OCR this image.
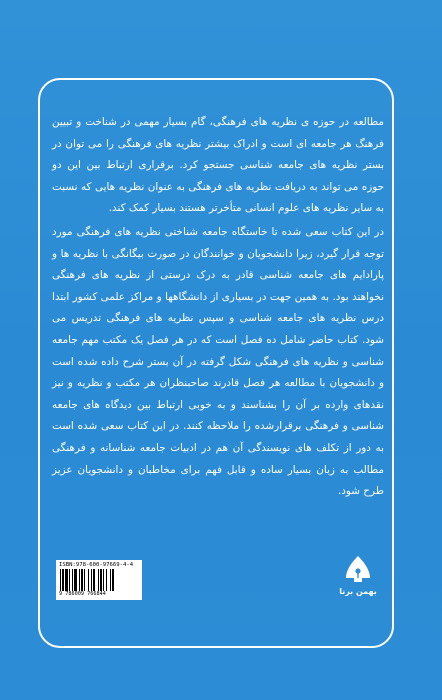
مطالعه در حوزه ی نظریه های فرهنگی، گام بسیار مهمی در شناخت و تبیین فرهنگ هر جامعه ای است و ادراک بیشتر نظریه های فرهنگی را می توان در بستر نظریه های جامعه شناسی جستجو کرد. برقراری ارتباط بین این دو حوزه می تواند به دریافت نظریه های فرهنگی به عنوان نظریه هایی که نسبت به سایر نظریه های علوم انسانی متأخرتر هستند بسیار کمک کند.

در این کتاب سعی شده تا خاستگاه جامعه شناختی نظریه های فرهنگی مورد توجه قرار گیرد، زیرا دانشجویان و خوانندگان در صورت بیگانگی با نظریه ها و پارادایم های جامعه شناسی قادر به درک درستی از نظریه های فرهنگی نخواهند بود. به همین جهت در بسیاری از دانشگاهها و مراکز علمی کشور ابتدا درس نظریه های جامعه شناسی و سپس نظریه های فرهنگی تدریس می شود. کتاب حاضر شامل ده فصل است که در هر فصل یک مکتب مهم جامعه شناسی و نظریه های فرهنگی شکل گرفته در آن بستر شرح داده شده است و دانشجویان با مطالعه هر فصل قادرند صاحبنظران هر مکتب و نظریه و نیز نقدهای وارده بر آن را بشناسند و به خوبی ارتباط بین دیدگاه های جامعه شناسی و فرهنگی برقرارشده را ملاحظه کنند. در این کتاب سعی شده است به دور از تکلف های نویسندگی آن هم در ادبیات جامعه شناسانه و فرهنگی مطالب به زبان بسیار ساده و قابل فهم برای مخاطبان و دانشجویان عزیز طرح شود.

ISBN:978-600-97669-4-4
9 786009 766844	بهمن برنا
